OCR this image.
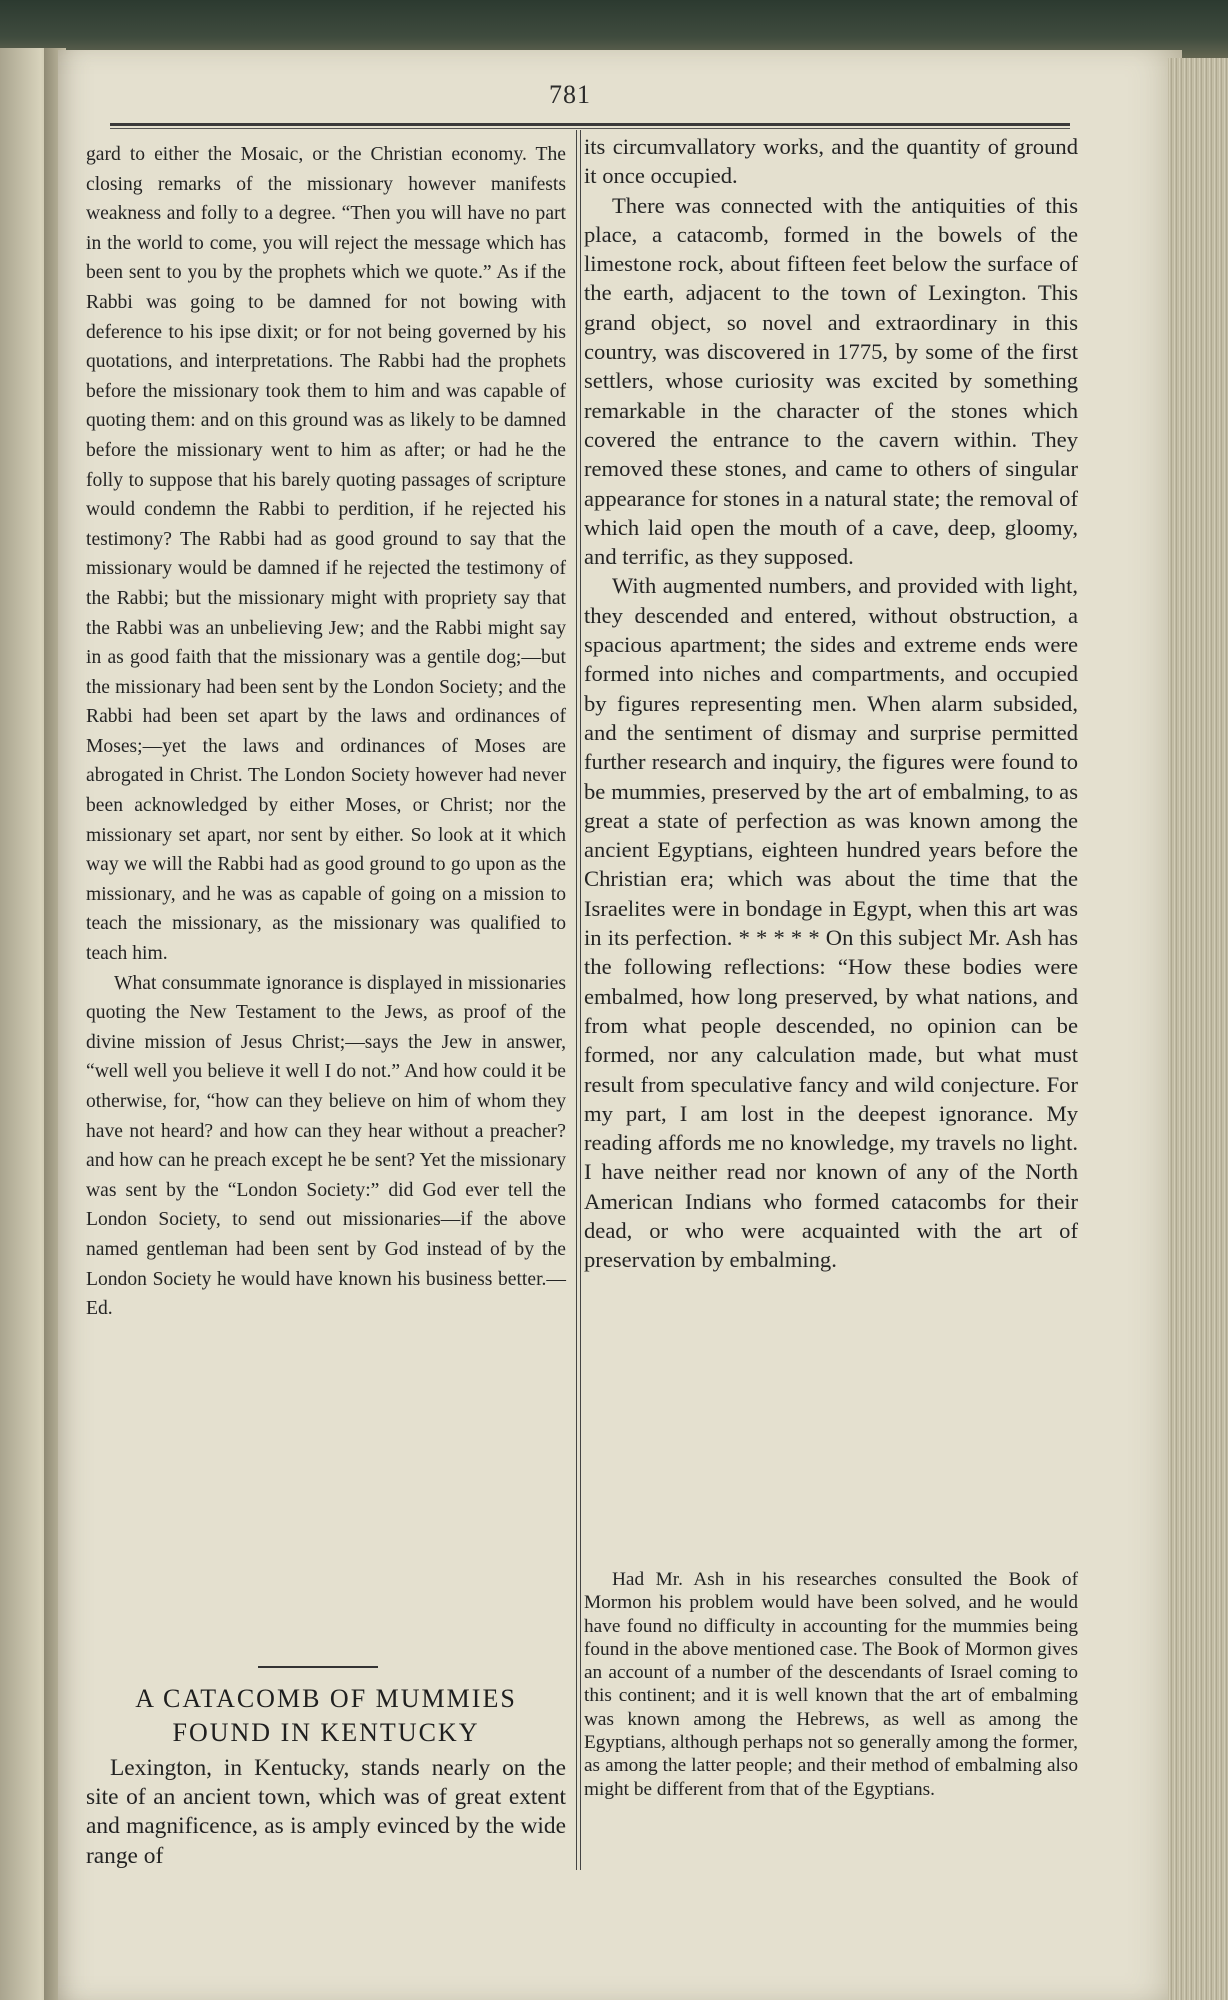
781

gard to either the Mosaic, or the Christian economy. The closing remarks of the missionary however manifests weakness and folly to a degree. “Then you will have no part in the world to come, you will reject the message which has been sent to you by the prophets which we quote.” As if the Rabbi was going to be damned for not bowing with deference to his ipse dixit; or for not being governed by his quotations, and interpretations. The Rabbi had the prophets before the missionary took them to him and was capable of quoting them: and on this ground was as likely to be damned before the missionary went to him as after; or had he the folly to suppose that his barely quoting passages of scripture would condemn the Rabbi to perdition, if he rejected his testimony? The Rabbi had as good ground to say that the missionary would be damned if he rejected the testimony of the Rabbi; but the missionary might with propriety say that the Rabbi was an unbelieving Jew; and the Rabbi might say in as good faith that the missionary was a gentile dog;—but the missionary had been sent by the London Society; and the Rabbi had been set apart by the laws and ordinances of Moses;—yet the laws and ordinances of Moses are abrogated in Christ. The London Society however had never been acknowledged by either Moses, or Christ; nor the missionary set apart, nor sent by either. So look at it which way we will the Rabbi had as good ground to go upon as the missionary, and he was as capable of going on a mission to teach the missionary, as the missionary was qualified to teach him.

What consummate ignorance is displayed in missionaries quoting the New Testament to the Jews, as proof of the divine mission of Jesus Christ;—says the Jew in answer, “well well you believe it well I do not.” And how could it be otherwise, for, “how can they believe on him of whom they have not heard? and how can they hear without a preacher? and how can he preach except he be sent? Yet the missionary was sent by the “London Society:” did God ever tell the London Society, to send out missionaries—if the above named gentleman had been sent by God instead of by the London Society he would have known his business better.—Ed.

A CATACOMB OF MUMMIES
FOUND IN KENTUCKY

Lexington, in Kentucky, stands nearly on the site of an ancient town, which was of great extent and magnificence, as is amply evinced by the wide range of

its circumvallatory works, and the quantity of ground it once occupied.

There was connected with the antiquities of this place, a catacomb, formed in the bowels of the limestone rock, about fifteen feet below the surface of the earth, adjacent to the town of Lexington. This grand object, so novel and extraordinary in this country, was discovered in 1775, by some of the first settlers, whose curiosity was excited by something remarkable in the character of the stones which covered the entrance to the cavern within. They removed these stones, and came to others of singular appearance for stones in a natural state; the removal of which laid open the mouth of a cave, deep, gloomy, and terrific, as they supposed.

With augmented numbers, and provided with light, they descended and entered, without obstruction, a spacious apartment; the sides and extreme ends were formed into niches and compartments, and occupied by figures representing men. When alarm subsided, and the sentiment of dismay and surprise permitted further research and inquiry, the figures were found to be mummies, preserved by the art of embalming, to as great a state of perfection as was known among the ancient Egyptians, eighteen hundred years before the Christian era; which was about the time that the Israelites were in bondage in Egypt, when this art was in its perfection. * * * * * On this subject Mr. Ash has the following reflections: “How these bodies were embalmed, how long preserved, by what nations, and from what people descended, no opinion can be formed, nor any calculation made, but what must result from speculative fancy and wild conjecture. For my part, I am lost in the deepest ignorance. My reading affords me no knowledge, my travels no light. I have neither read nor known of any of the North American Indians who formed catacombs for their dead, or who were acquainted with the art of preservation by embalming.

Had Mr. Ash in his researches consulted the Book of Mormon his problem would have been solved, and he would have found no difficulty in accounting for the mummies being found in the above mentioned case. The Book of Mormon gives an account of a number of the descendants of Israel coming to this continent; and it is well known that the art of embalming was known among the Hebrews, as well as among the Egyptians, although perhaps not so generally among the former, as among the latter people; and their method of embalming also might be different from that of the Egyptians.
